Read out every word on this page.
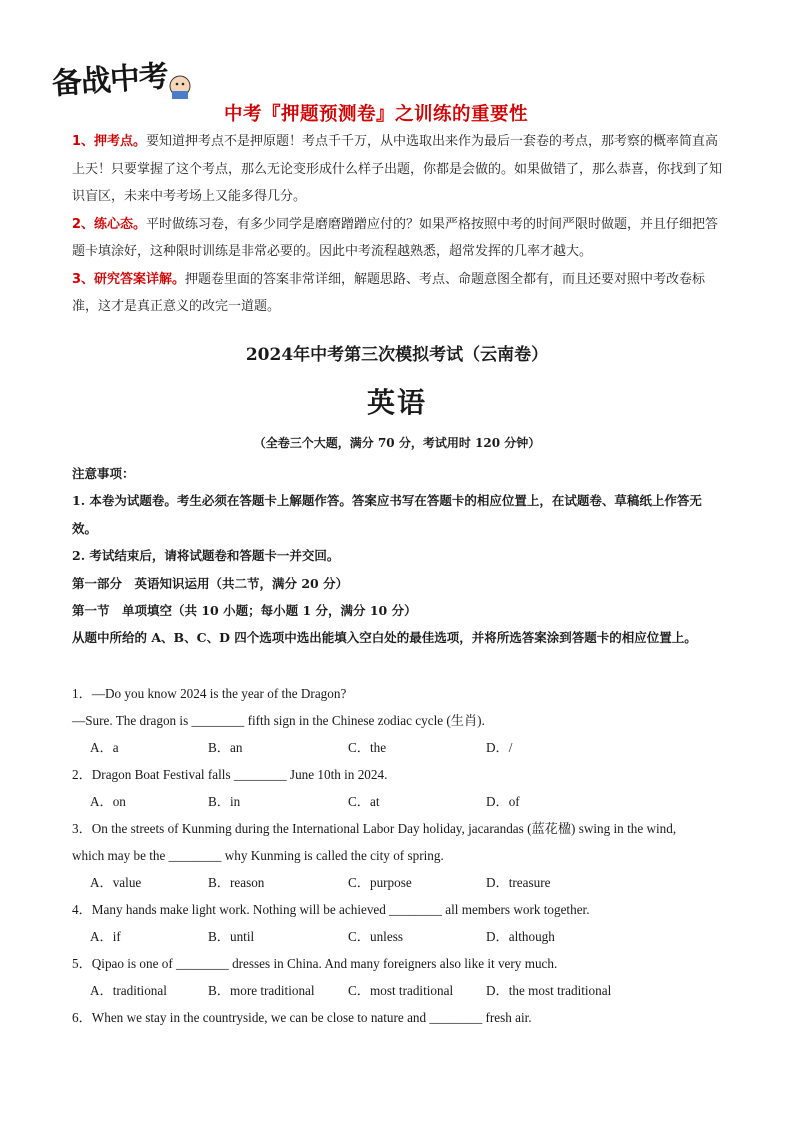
备战中考
中考『押题预测卷』之训练的重要性

1、押考点。要知道押考点不是押原题！考点千千万，从中选取出来作为最后一套卷的考点，那考察的概率简直高上天！只要掌握了这个考点，那么无论变形成什么样子出题，你都是会做的。如果做错了，那么恭喜，你找到了知识盲区，未来中考考场上又能多得几分。

2、练心态。平时做练习卷，有多少同学是磨磨蹭蹭应付的？如果严格按照中考的时间严限时做题，并且仔细把答题卡填涂好，这种限时训练是非常必要的。因此中考流程越熟悉，超常发挥的几率才越大。

3、研究答案详解。押题卷里面的答案非常详细，解题思路、考点、命题意图全都有，而且还要对照中考改卷标准，这才是真正意义的改完一道题。

2024年中考第三次模拟考试（云南卷）
英语
（全卷三个大题，满分 70 分，考试用时 120 分钟）

注意事项：

1. 本卷为试题卷。考生必须在答题卡上解题作答。答案应书写在答题卡的相应位置上，在试题卷、草稿纸上作答无效。

2. 考试结束后，请将试题卷和答题卡一并交回。

第一部分　英语知识运用（共二节，满分 20 分）

第一节　单项填空（共 10 小题；每小题 1 分，满分 10 分）

从题中所给的 A、B、C、D 四个选项中选出能填入空白处的最佳选项，并将所选答案涂到答题卡的相应位置上。

1．—Do you know 2024 is the year of the Dragon?
—Sure. The dragon is ________ fifth sign in the Chinese zodiac cycle (生肖).
A．a	B．an	C．the	D．/
2．Dragon Boat Festival falls ________ June 10th in 2024.
A．on	B．in	C．at	D．of
3．On the streets of Kunming during the International Labor Day holiday, jacarandas (蓝花楹) swing in the wind,
which may be the ________ why Kunming is called the city of spring.
A．value	B．reason	C．purpose	D．treasure
4．Many hands make light work. Nothing will be achieved ________ all members work together.
A．if	B．until	C．unless	D．although
5．Qipao is one of ________ dresses in China. And many foreigners also like it very much.
A．traditional	B．more traditional	C．most traditional D．the most traditional
6．When we stay in the countryside, we can be close to nature and ________ fresh air.
